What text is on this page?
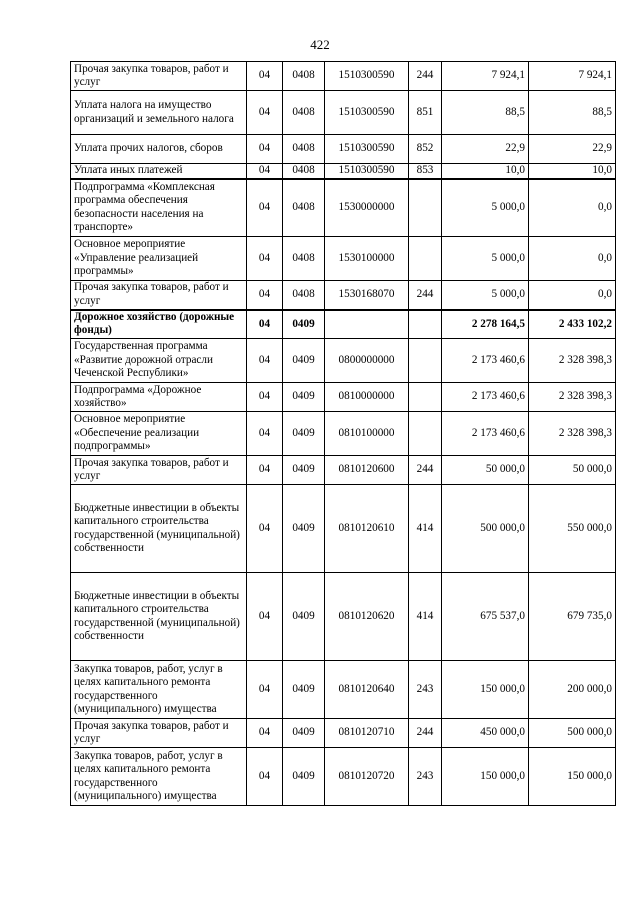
422
Прочая закупка товаров, работ и услуг	04	0408	1510300590	244	7 924,1	7 924,1
Уплата налога на имущество организаций и земельного налога	04	0408	1510300590	851	88,5	88,5
Уплата прочих налогов, сборов	04	0408	1510300590	852	22,9	22,9
Уплата иных платежей	04	0408	1510300590	853	10,0	10,0
Подпрограмма «Комплексная программа обеспечения безопасности населения на транспорте»	04	0408	1530000000		5 000,0	0,0
Основное мероприятие «Управление реализацией программы»	04	0408	1530100000		5 000,0	0,0
Прочая закупка товаров, работ и услуг	04	0408	1530168070	244	5 000,0	0,0
Дорожное хозяйство (дорожные фонды)	04	0409			2 278 164,5	2 433 102,2
Государственная программа «Развитие дорожной отрасли Чеченской Республики»	04	0409	0800000000		2 173 460,6	2 328 398,3
Подпрограмма «Дорожное хозяйство»	04	0409	0810000000		2 173 460,6	2 328 398,3
Основное мероприятие «Обеспечение реализации подпрограммы»	04	0409	0810100000		2 173 460,6	2 328 398,3
Прочая закупка товаров, работ и услуг	04	0409	0810120600	244	50 000,0	50 000,0
Бюджетные инвестиции в объекты капитального строительства государственной (муниципальной) собственности	04	0409	0810120610	414	500 000,0	550 000,0
Бюджетные инвестиции в объекты капитального строительства государственной (муниципальной) собственности	04	0409	0810120620	414	675 537,0	679 735,0
Закупка товаров, работ, услуг в целях капитального ремонта государственного (муниципального) имущества	04	0409	0810120640	243	150 000,0	200 000,0
Прочая закупка товаров, работ и услуг	04	0409	0810120710	244	450 000,0	500 000,0
Закупка товаров, работ, услуг в целях капитального ремонта государственного (муниципального) имущества	04	0409	0810120720	243	150 000,0	150 000,0
